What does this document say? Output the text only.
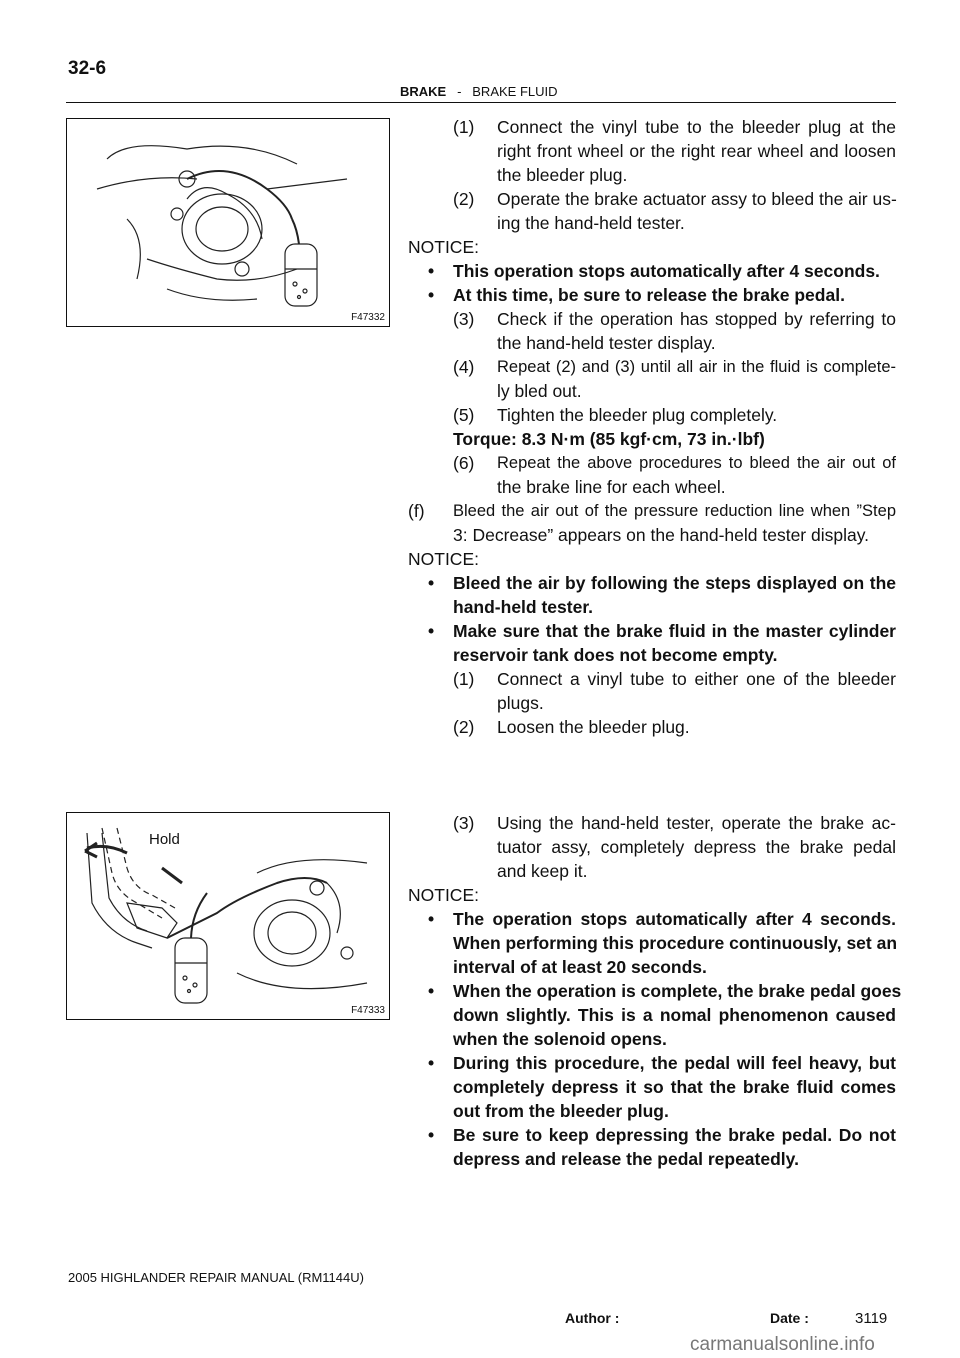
32-6
BRAKE - BRAKE FLUID
F47332
Hold
F47333
(1) Connect the vinyl tube to the bleeder plug at the
right front wheel or the right rear wheel and loosen
the bleeder plug.
(2) Operate the brake actuator assy to bleed the air us-
ing the hand-held tester.
NOTICE:
• This operation stops automatically after 4 seconds.
• At this time, be sure to release the brake pedal.
(3) Check if the operation has stopped by referring to
the hand-held tester display.
(4) Repeat (2) and (3) until all air in the fluid is complete-
ly bled out.
(5) Tighten the bleeder plug completely.
Torque: 8.3 N·m (85 kgf·cm, 73 in.·lbf)
(6) Repeat the above procedures to bleed the air out of
the brake line for each wheel.
(f) Bleed the air out of the pressure reduction line when ”Step
3: Decrease” appears on the hand-held tester display.
NOTICE:
• Bleed the air by following the steps displayed on the
hand-held tester.
• Make sure that the brake fluid in the master cylinder
reservoir tank does not become empty.
(1) Connect a vinyl tube to either one of the bleeder
plugs.
(2) Loosen the bleeder plug.
(3) Using the hand-held tester, operate the brake ac-
tuator assy, completely depress the brake pedal
and keep it.
NOTICE:
• The operation stops automatically after 4 seconds.
When performing this procedure continuously, set an
interval of at least 20 seconds.
• When the operation is complete, the brake pedal goes
down slightly. This is a nomal phenomenon caused
when the solenoid opens.
• During this procedure, the pedal will feel heavy, but
completely depress it so that the brake fluid comes
out from the bleeder plug.
• Be sure to keep depressing the brake pedal. Do not
depress and release the pedal repeatedly.
2005 HIGHLANDER REPAIR MANUAL (RM1144U)
Author :	Date :	3119
carmanualsonline.info
